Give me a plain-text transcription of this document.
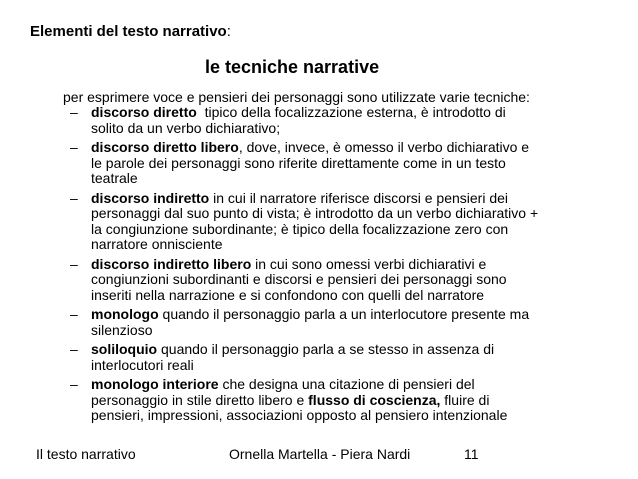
Elementi del testo narrativo:
le tecniche narrative
per esprimere voce e pensieri dei personaggi sono utilizzate varie tecniche:
– discorso diretto  tipico della focalizzazione esterna, è introdotto di
solito da un verbo dichiarativo;
– discorso diretto libero, dove, invece, è omesso il verbo dichiarativo e
le parole dei personaggi sono riferite direttamente come in un testo
teatrale
– discorso indiretto in cui il narratore riferisce discorsi e pensieri dei
personaggi dal suo punto di vista; è introdotto da un verbo dichiarativo +
la congiunzione subordinante; è tipico della focalizzazione zero con
narratore onnisciente
– discorso indiretto libero in cui sono omessi verbi dichiarativi e
congiunzioni subordinanti e discorsi e pensieri dei personaggi sono
inseriti nella narrazione e si confondono con quelli del narratore
– monologo quando il personaggio parla a un interlocutore presente ma
silenzioso
– soliloquio quando il personaggio parla a se stesso in assenza di
interlocutori reali
– monologo interiore che designa una citazione di pensieri del
personaggio in stile diretto libero e flusso di coscienza, fluire di
pensieri, impressioni, associazioni opposto al pensiero intenzionale
Il testo narrativo	Ornella Martella - Piera Nardi	11
